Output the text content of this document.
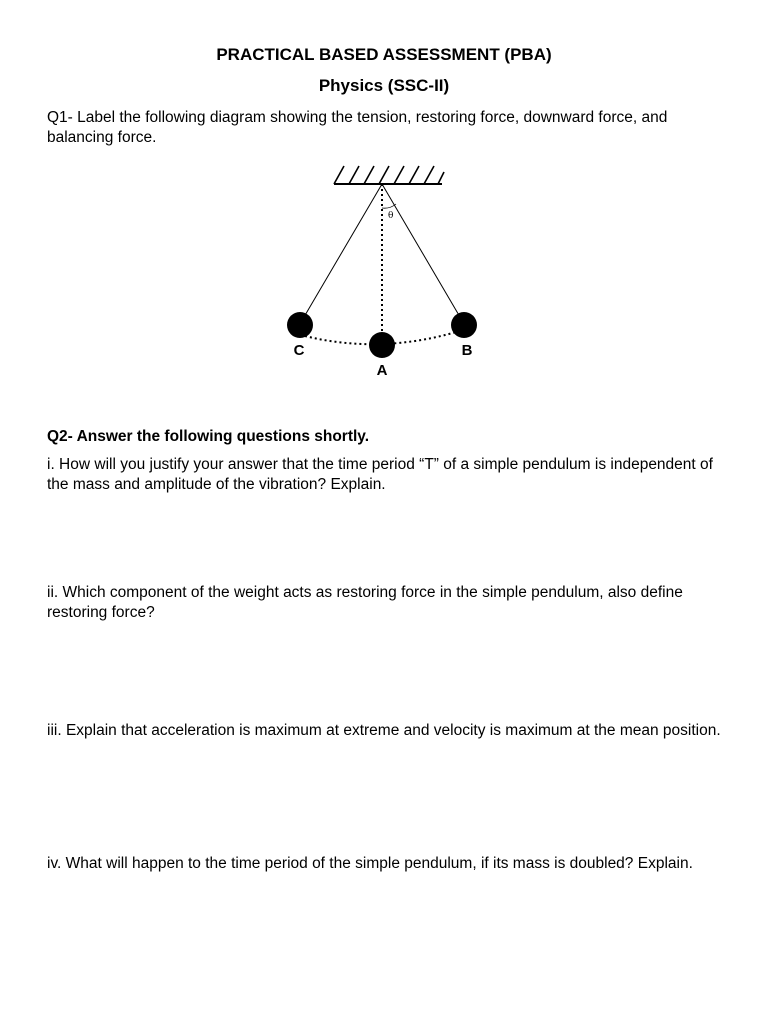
PRACTICAL BASED ASSESSMENT (PBA)
Physics (SSC-II)

Q1- Label the following diagram showing the tension, restoring force, downward force, and balancing force.

θ
C
A
B

Q2- Answer the following questions shortly.

i. How will you justify your answer that the time period “T” of a simple pendulum is independent of the mass and amplitude of the vibration? Explain.

ii. Which component of the weight acts as restoring force in the simple pendulum, also define restoring force?

iii. Explain that acceleration is maximum at extreme and velocity is maximum at the mean position.

iv. What will happen to the time period of the simple pendulum, if its mass is doubled? Explain.
